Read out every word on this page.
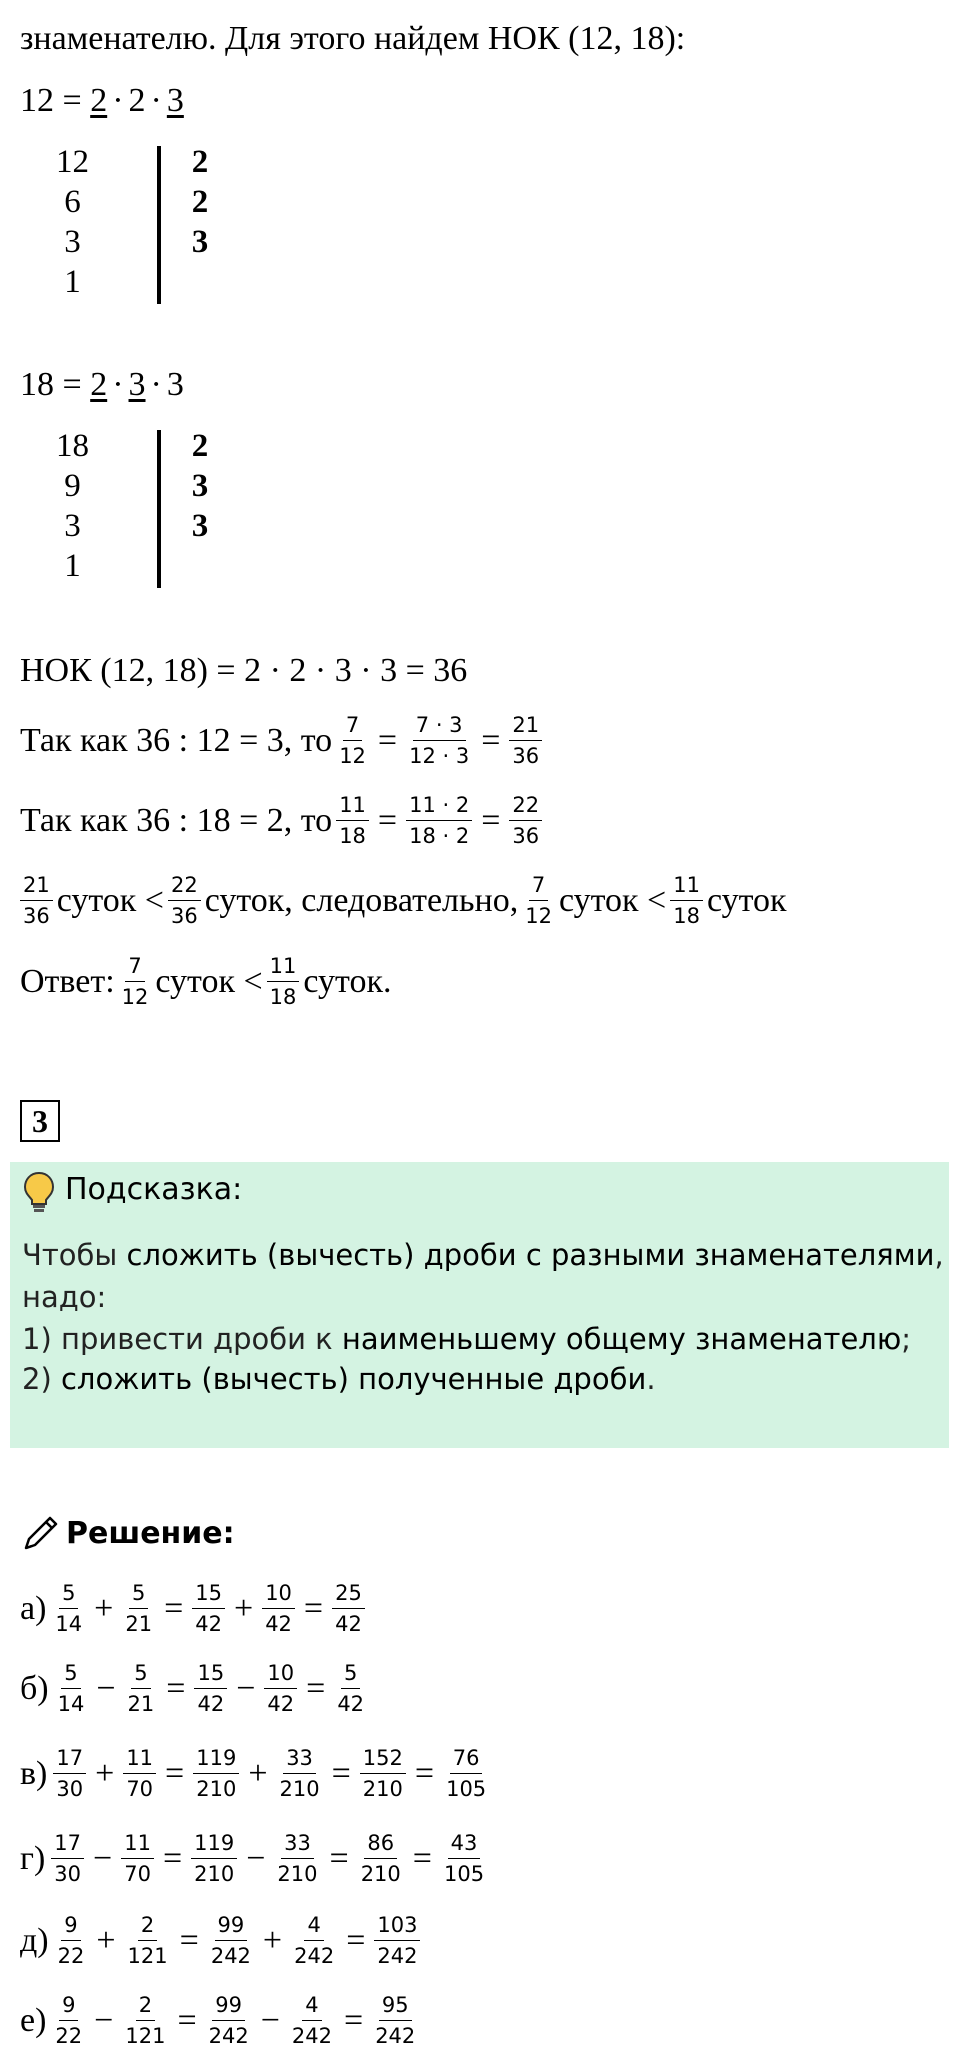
знаменателю. Для этого найдем НОК (12, 18):
12 =
2 · 2 · 3
12	2
6	2
3	3
1
18 =
2 · 3 · 3
18	2
9	3
3	3
1
НОК (12, 18) = 2 · 2 · 3 · 3 = 36
Так как 36 : 12 = 3, то $\frac{7}{12} = \frac{7 \cdot 3}{12 \cdot 3} = \frac{21}{36}$
Так как 36 : 18 = 2, то $\frac{11}{18} = \frac{11 \cdot 2}{18 \cdot 2} = \frac{22}{36}$
$\frac{21}{36}$ суток < $\frac{22}{36}$ суток, следовательно, $\frac{7}{12}$ суток < $\frac{11}{18}$ суток
Ответ: $\frac{7}{12}$ суток < $\frac{11}{18}$ суток.
3
Подсказка:

Чтобы сложить (вычесть) дроби с разными знаменателями,

надо:

1) привести дроби к наименьшему общему знаменателю;

2) сложить (вычесть) полученные дроби.

Решение:
$а) \frac{5}{14} + \frac{5}{21} = \frac{15}{42} + \frac{10}{42} = \frac{25}{42}$
$б) \frac{5}{14} - \frac{5}{21} = \frac{15}{42} - \frac{10}{42} = \frac{5}{42}$
$в) \frac{17}{30} + \frac{11}{70} = \frac{119}{210} + \frac{33}{210} = \frac{152}{210} = \frac{76}{105}$
$г) \frac{17}{30} - \frac{11}{70} = \frac{119}{210} - \frac{33}{210} = \frac{86}{210} = \frac{43}{105}$
$д) \frac{9}{22} + \frac{2}{121} = \frac{99}{242} + \frac{4}{242} = \frac{103}{242}$
$е) \frac{9}{22} - \frac{2}{121} = \frac{99}{242} - \frac{4}{242} = \frac{95}{242}$
